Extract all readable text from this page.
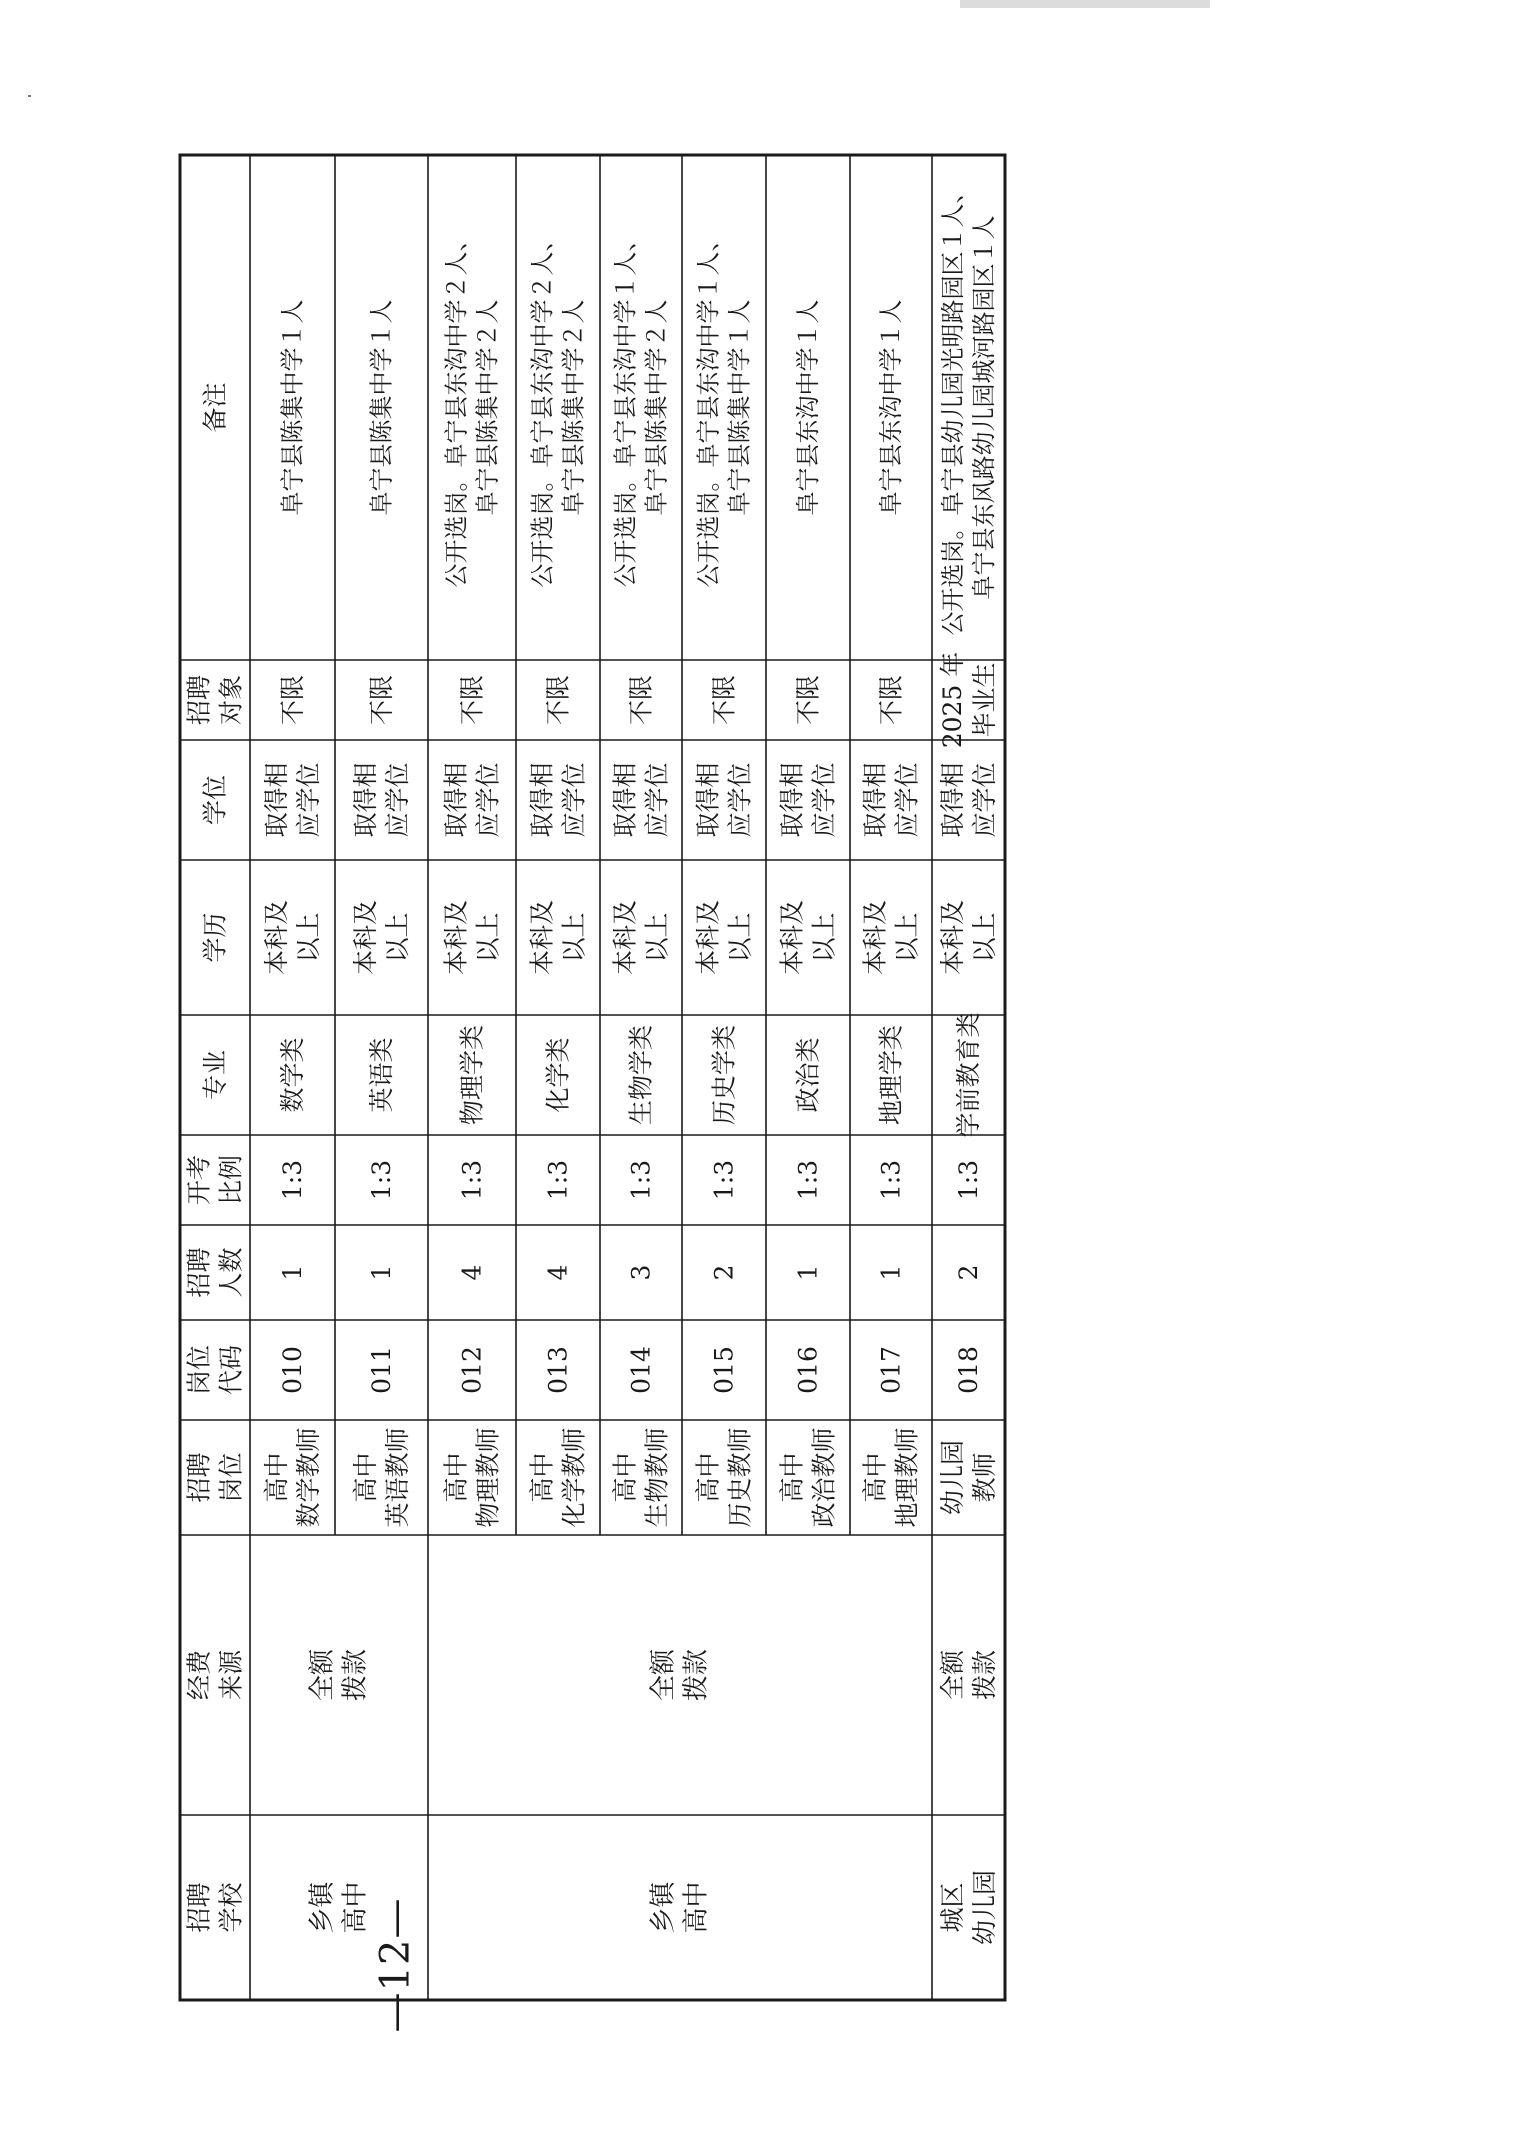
备注
招聘 对象
学位
学历
专业
开考 比例
招聘 人数
岗位 代码
招聘 岗位
经费 来源
招聘 学校
阜宁县陈集中学１人
不限
取得相 应学位
本科及 以上
数学类
1:3
1
010
高中 数学教师
阜宁县陈集中学１人
不限
取得相 应学位
本科及 以上
英语类
1:3
1
011
高中 英语教师
公开选岗。阜宁县东沟中学２人、 阜宁县陈集中学２人
不限
取得相 应学位
本科及 以上
物理学类
1:3
4
012
高中 物理教师
公开选岗。阜宁县东沟中学２人、 阜宁县陈集中学２人
不限
取得相 应学位
本科及 以上
化学类
1:3
4
013
高中 化学教师
公开选岗。阜宁县东沟中学１人、 阜宁县陈集中学２人
不限
取得相 应学位
本科及 以上
生物学类
1:3
3
014
高中 生物教师
公开选岗。阜宁县东沟中学１人、 阜宁县陈集中学１人
不限
取得相 应学位
本科及 以上
历史学类
1:3
2
015
高中 历史教师
阜宁县东沟中学１人
不限
取得相 应学位
本科及 以上
政治类
1:3
1
016
高中 政治教师
阜宁县东沟中学１人
不限
取得相 应学位
本科及 以上
地理学类
1:3
1
017
高中 地理教师
公开选岗。阜宁县幼儿园光明路园区１人、 阜宁县东风路幼儿园城河路园区１人
2025 年 毕业生
取得相 应学位
本科及 以上
学前教育类
1:3
2
018
幼儿园 教师
乡镇 高中
全额 拨款
乡镇 高中
全额 拨款
城区 幼儿园
全额 拨款
—12—
